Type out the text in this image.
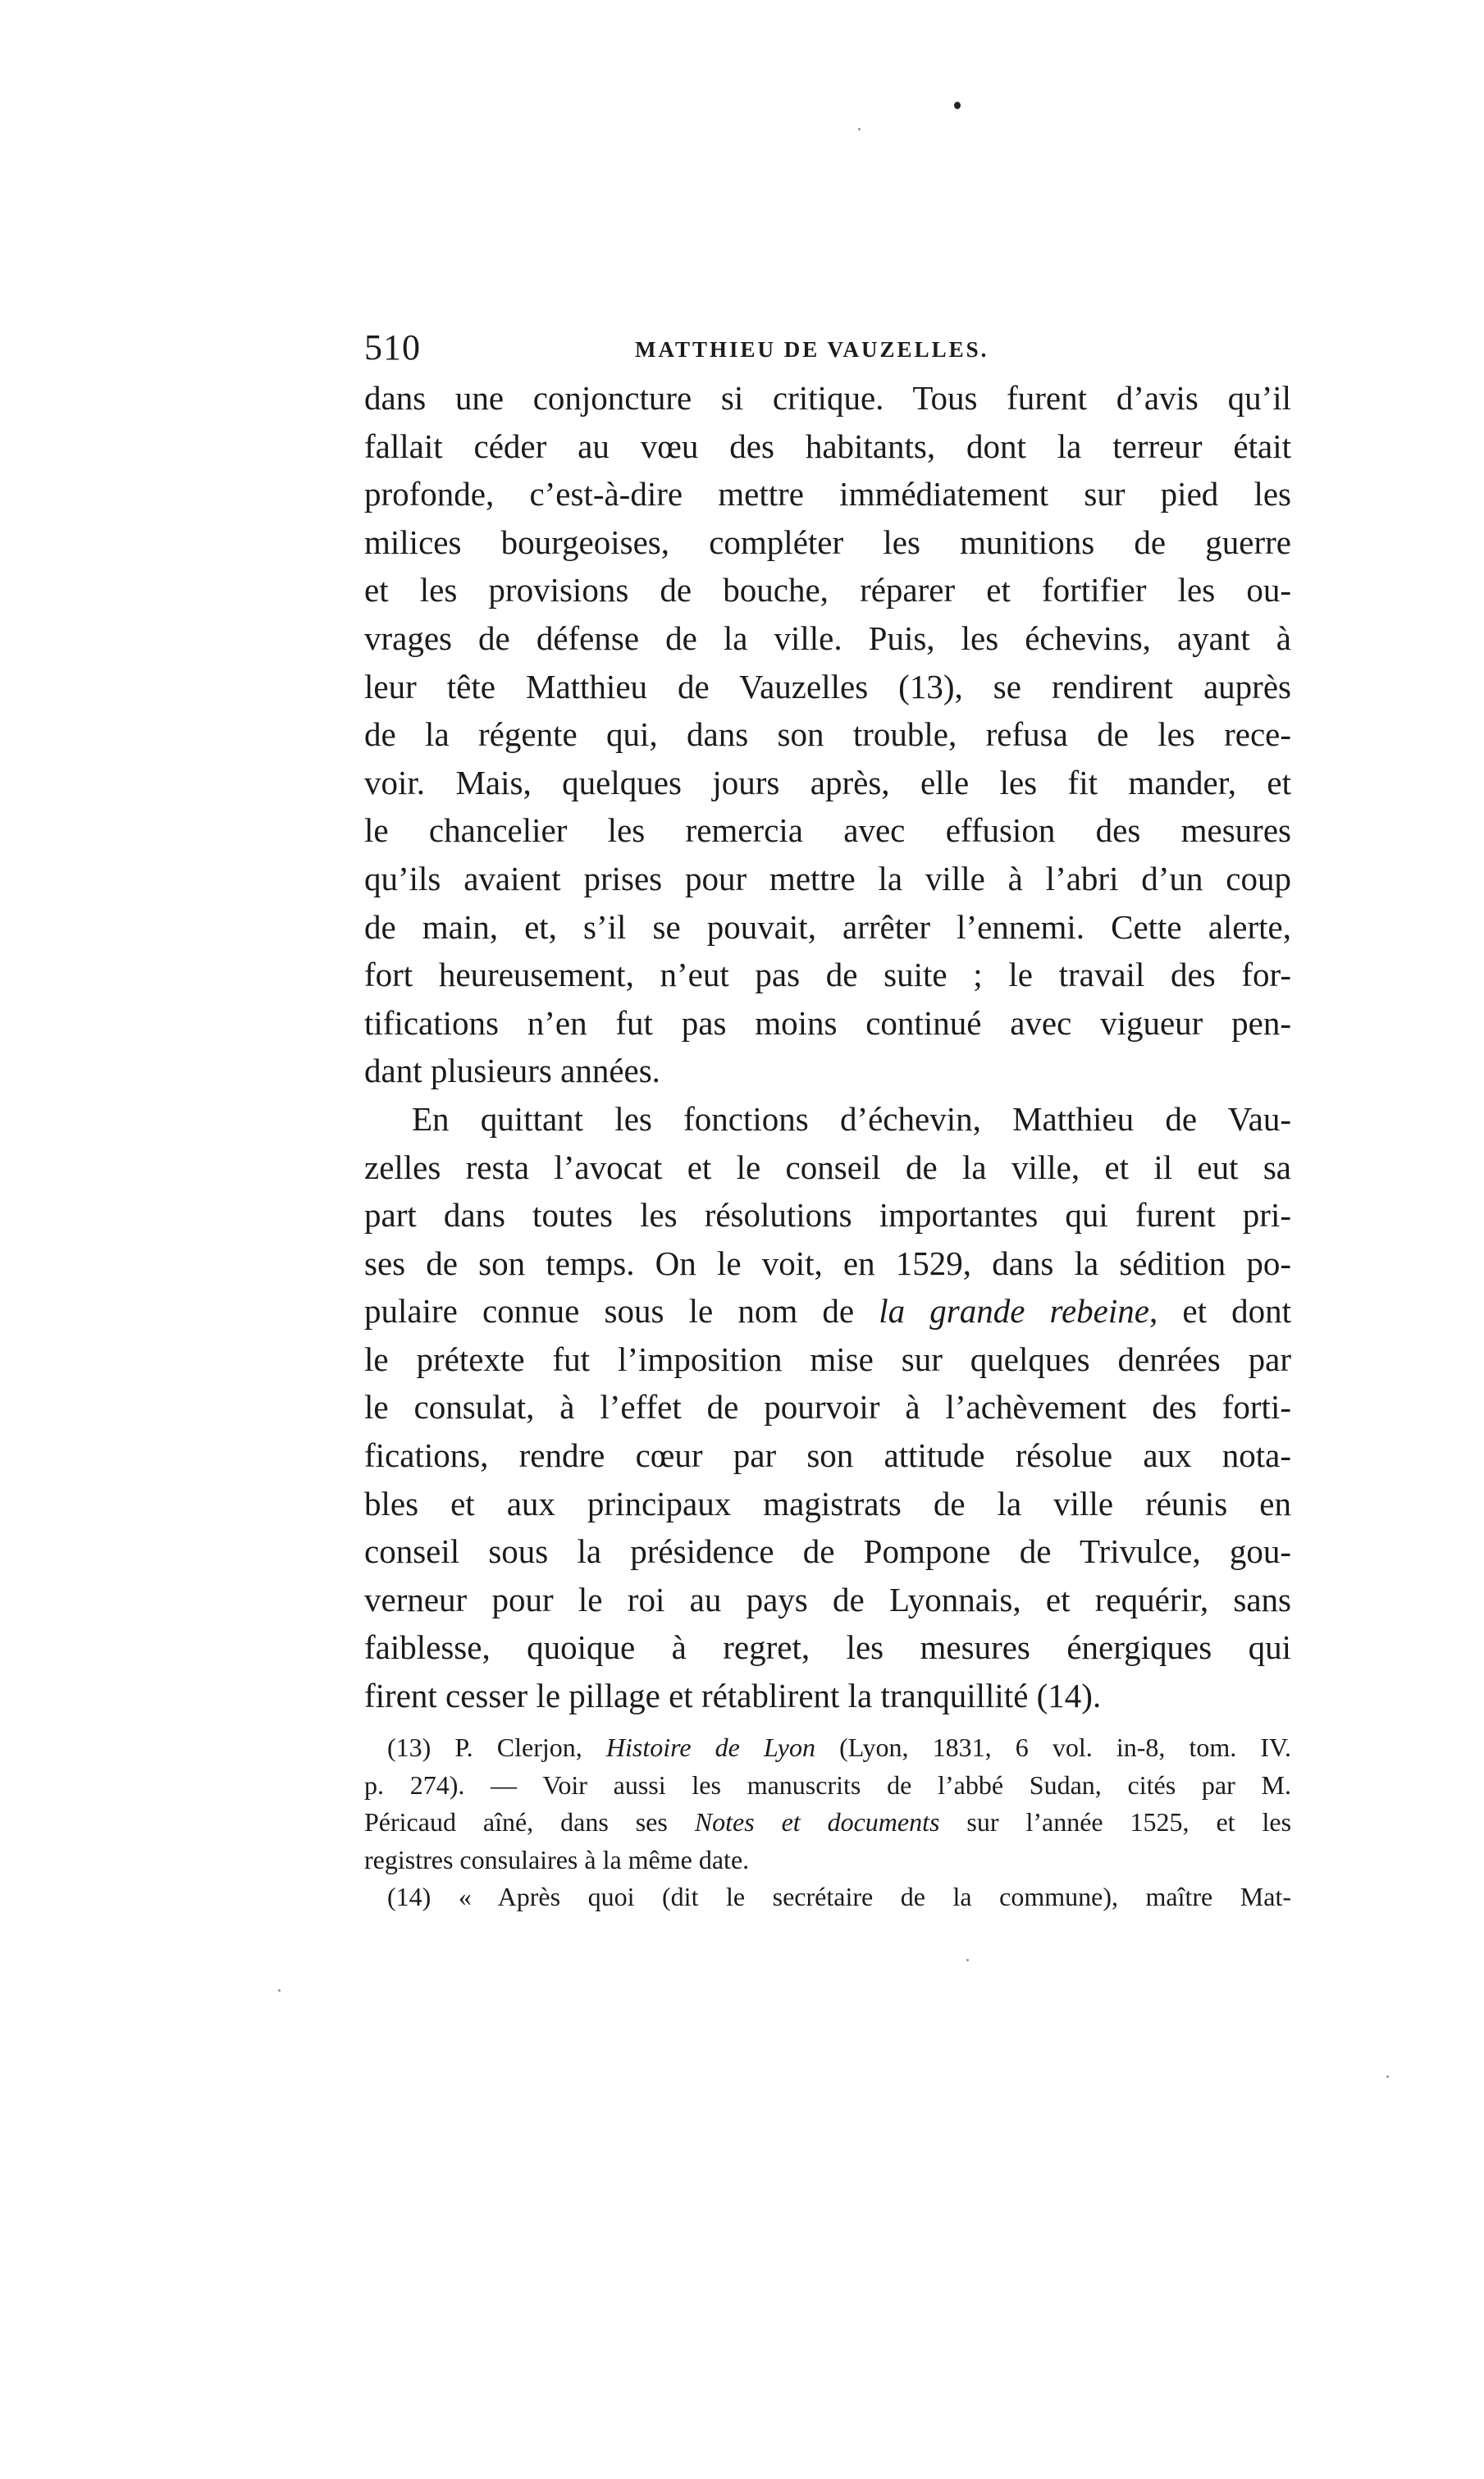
510	MATTHIEU DE VAUZELLES.
dans une conjoncture si critique. Tous furent d’avis qu’il
fallait céder au vœu des habitants, dont la terreur était
profonde, c’est-à-dire mettre immédiatement sur pied les
milices bourgeoises, compléter les munitions de guerre
et les provisions de bouche, réparer et fortifier les ou-
vrages de défense de la ville. Puis, les échevins, ayant à
leur tête Matthieu de Vauzelles (13), se rendirent auprès
de la régente qui, dans son trouble, refusa de les rece-
voir. Mais, quelques jours après, elle les fit mander, et
le chancelier les remercia avec effusion des mesures
qu’ils avaient prises pour mettre la ville à l’abri d’un coup
de main, et, s’il se pouvait, arrêter l’ennemi. Cette alerte,
fort heureusement, n’eut pas de suite ; le travail des for-
tifications n’en fut pas moins continué avec vigueur pen-
dant plusieurs années.
En quittant les fonctions d’échevin, Matthieu de Vau-
zelles resta l’avocat et le conseil de la ville, et il eut sa
part dans toutes les résolutions importantes qui furent pri-
ses de son temps. On le voit, en 1529, dans la sédition po-
pulaire connue sous le nom de la grande rebeine, et dont
le prétexte fut l’imposition mise sur quelques denrées par
le consulat, à l’effet de pourvoir à l’achèvement des forti-
fications, rendre cœur par son attitude résolue aux nota-
bles et aux principaux magistrats de la ville réunis en
conseil sous la présidence de Pompone de Trivulce, gou-
verneur pour le roi au pays de Lyonnais, et requérir, sans
faiblesse, quoique à regret, les mesures énergiques qui
firent cesser le pillage et rétablirent la tranquillité (14).
(13) P. Clerjon, Histoire de Lyon (Lyon, 1831, 6 vol. in-8, tom. IV.
p. 274). — Voir aussi les manuscrits de l’abbé Sudan, cités par M.
Péricaud aîné, dans ses Notes et documents sur l’année 1525, et les
registres consulaires à la même date.
(14) « Après quoi (dit le secrétaire de la commune), maître Mat-
